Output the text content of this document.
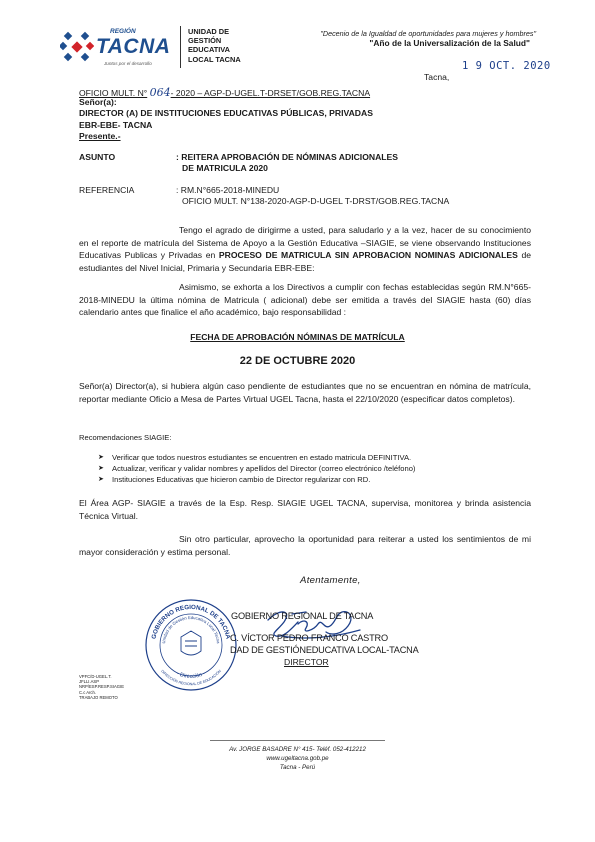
REGIÓN
TACNA
Juntos por el desarrollo
UNIDAD DE
GESTIÓN
EDUCATIVA
LOCAL TACNA
"Decenio de la Igualdad de oportunidades para mujeres y hombres"
"Año de la Universalización de la Salud"
Tacna,
1 9 OCT. 2020
OFICIO MULT. N° 064- 2020 – AGP-D-UGEL.T-DRSET/GOB.REG.TACNA
Señor(a):
DIRECTOR (A) DE INSTITUCIONES EDUCATIVAS PÚBLICAS, PRIVADAS
EBR-EBE- TACNA
Presente.-
ASUNTO	: REITERA APROBACIÓN DE NÓMINAS ADICIONALES
DE MATRICULA 2020
REFERENCIA	: RM.N°665-2018-MINEDU
OFICIO MULT. N°138-2020-AGP-D-UGEL T-DRST/GOB.REG.TACNA

Tengo el agrado de dirigirme a usted, para saludarlo y a la vez, hacer de su conocimiento en el reporte de matrícula del Sistema de Apoyo a la Gestión Educativa –SIAGIE, se viene observando Instituciones Educativas Publicas y Privadas en PROCESO DE MATRICULA SIN APROBACION NOMINAS ADICIONALES de estudiantes del Nivel Inicial, Primaria y Secundaria EBR-EBE:

Asimismo, se exhorta a los Directivos a cumplir con fechas establecidas según RM.N°665-2018-MINEDU la última nómina de Matricula ( adicional) debe ser emitida a través del SIAGIE hasta (60) días calendario antes que finalice el año académico, bajo responsabilidad :

FECHA DE APROBACIÓN NÓMINAS DE MATRÍCULA
22 DE OCTUBRE 2020

Señor(a) Director(a), si hubiera algún caso pendiente de estudiantes que no se encuentran en nómina de matrícula, reportar mediante Oficio a Mesa de Partes Virtual UGEL Tacna, hasta el 22/10/2020 (especificar datos completos).

Recomendaciones SIAGIE:
➤	Verificar que todos nuestros estudiantes se encuentren en estado matricula DEFINITIVA.
➤	Actualizar, verificar y validar nombres y apellidos del Director (correo electrónico /teléfono)
➤	Instituciones Educativas que hicieron cambio de Director regularizar con RD.

El Área AGP- SIAGIE a través de la Esp. Resp. SIAGIE UGEL TACNA, supervisa, monitorea y brinda asistencia Técnica Virtual.

Sin otro particular, aprovecho la oportunidad para reiterar a usted los sentimientos de mi mayor consideración y estima personal.

Atentamente,
GOBIERNO REGIONAL DE TACNA
Unidad de Gestión Educativa Local Tacna
- Dirección -
DIRECCIÓN REGIONAL DE EDUCACIÓN
GOBIERNO REGIONAL DE TACNA
C. VÍCTOR PEDRO FRANCO CASTRO
DAD DE GESTIÓNEDUCATIVA LOCAL-TACNA
DIRECTOR
VPFC/D-UGEL.T.
JFLLI.ASP
NRP/ESP.RESP.SIAGIE
C.c Arch.
TRABAJO REMOTO
Av. JORGE BASADRE N° 415- Teléf. 052-412212
www.ugeltacna.gob.pe
Tacna - Perú
